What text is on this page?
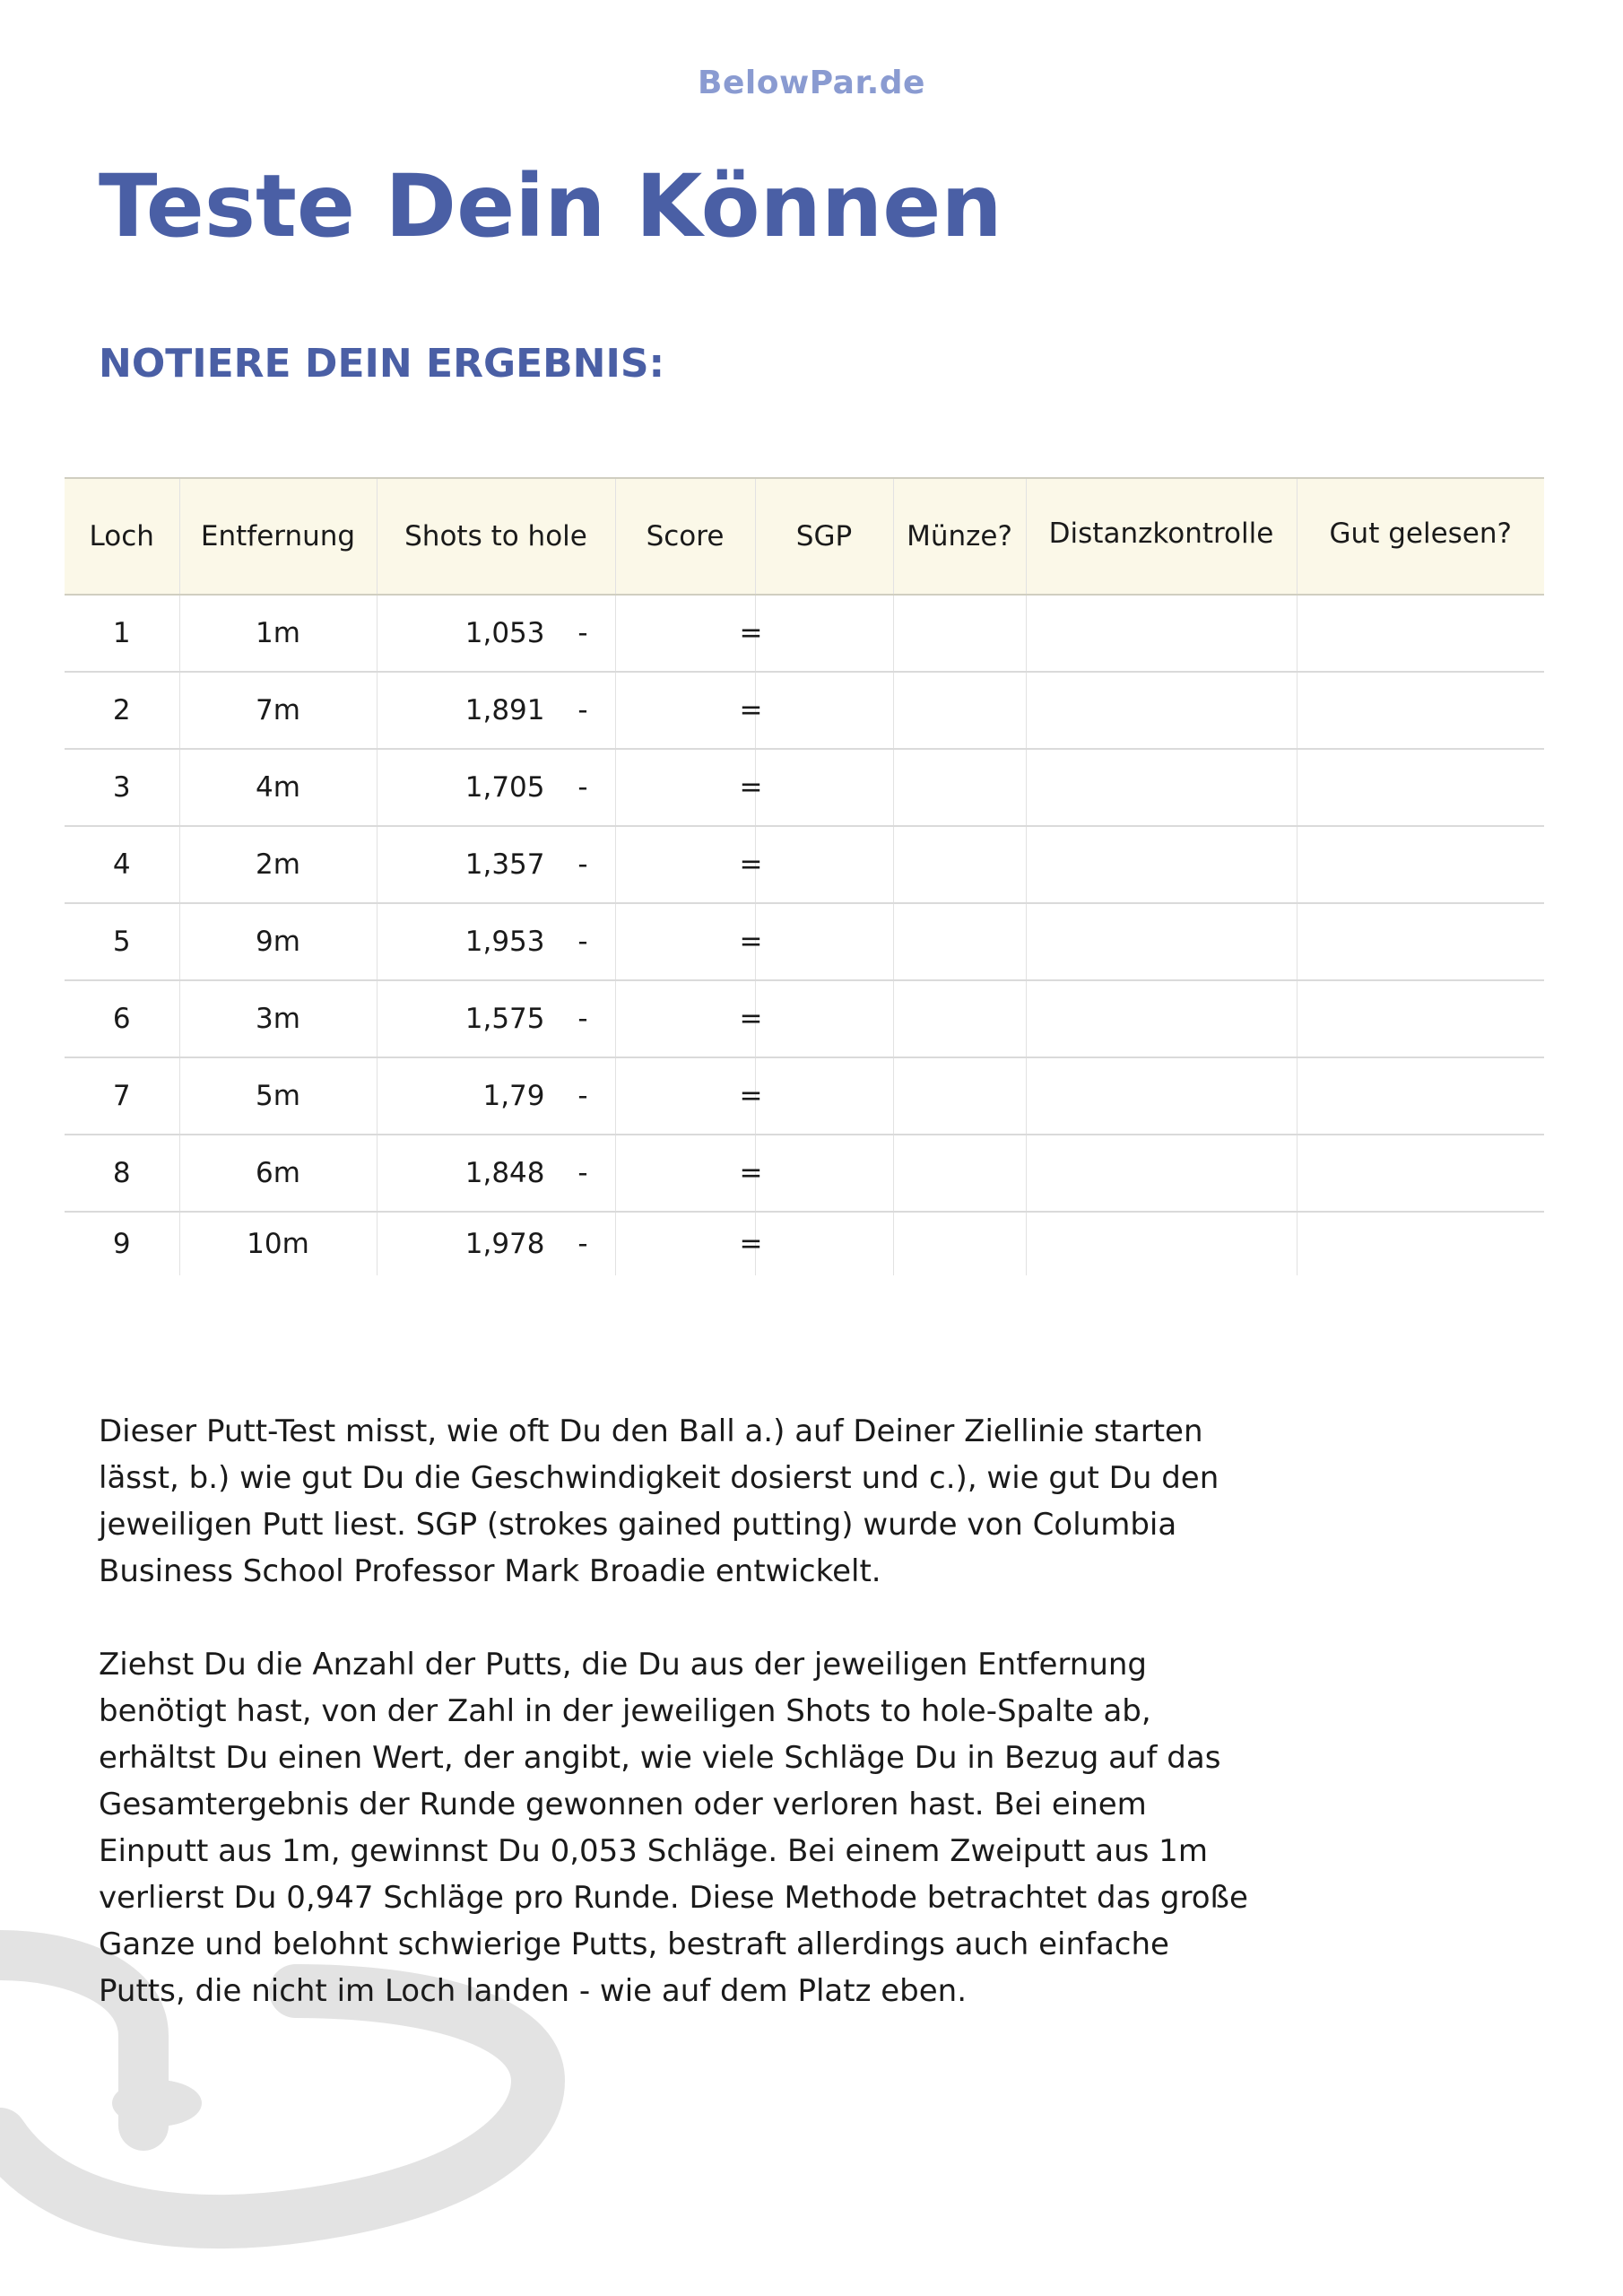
BelowPar.de
Teste Dein Können
NOTIERE DEIN ERGEBNIS:
Loch	Entfernung	Shots to hole	Score	SGP	Münze?	Distanzkontrolle	Gut gelesen?
1	1m	1,053 -	=				
2	7m	1,891 -	=				
3	4m	1,705 -	=				
4	2m	1,357 -	=				
5	9m	1,953 -	=				
6	3m	1,575 -	=				
7	5m	1,79 -	=				
8	6m	1,848 -	=				
9	10m	1,978 -	=				

Dieser Putt-Test misst, wie oft Du den Ball a.) auf Deiner Ziellinie starten lässt, b.) wie gut Du die Geschwindigkeit dosierst und c.), wie gut Du den jeweiligen Putt liest. SGP (strokes gained putting) wurde von Columbia Business School Professor Mark Broadie entwickelt.

Ziehst Du die Anzahl der Putts, die Du aus der jeweiligen Entfernung benötigt hast, von der Zahl in der jeweiligen Shots to hole-Spalte ab, erhältst Du einen Wert, der angibt, wie viele Schläge Du in Bezug auf das Gesamtergebnis der Runde gewonnen oder verloren hast. Bei einem Einputt aus 1m, gewinnst Du 0,053 Schläge. Bei einem Zweiputt aus 1m verlierst Du 0,947 Schläge pro Runde. Diese Methode betrachtet das große Ganze und belohnt schwierige Putts, bestraft allerdings auch einfache Putts, die nicht im Loch landen - wie auf dem Platz eben.
